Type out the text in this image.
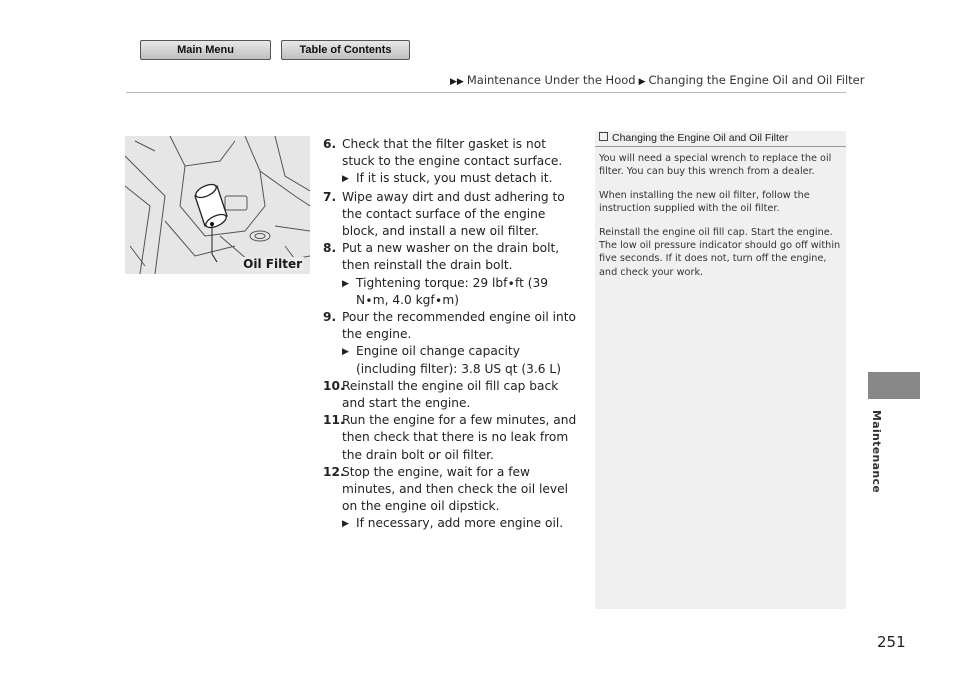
Main Menu	Table of Contents
▶▶ Maintenance Under the Hood ▶ Changing the Engine Oil and Oil Filter
Oil Filter
6. Check that the filter gasket is not stuck to the engine contact surface.
▶ If it is stuck, you must detach it.
7. Wipe away dirt and dust adhering to the contact surface of the engine block, and install a new oil filter.
8. Put a new washer on the drain bolt, then reinstall the drain bolt.
▶ Tightening torque: 29 lbf∙ft (39 N∙m, 4.0 kgf∙m)
9. Pour the recommended engine oil into the engine.
▶ Engine oil change capacity (including filter): 3.8 US qt (3.6 L)
10.
Reinstall the engine oil fill cap back and start the engine.
11.
Run the engine for a few minutes, and then check that there is no leak from the drain bolt or oil filter.
12.
Stop the engine, wait for a few minutes, and then check the oil level on the engine oil dipstick.
▶ If necessary, add more engine oil.
Changing the Engine Oil and Oil Filter

You will need a special wrench to replace the oil filter. You can buy this wrench from a dealer.

When installing the new oil filter, follow the instruction supplied with the oil filter.

Reinstall the engine oil fill cap. Start the engine. The low oil pressure indicator should go off within five seconds. If it does not, turn off the engine, and check your work.

Maintenance
251
